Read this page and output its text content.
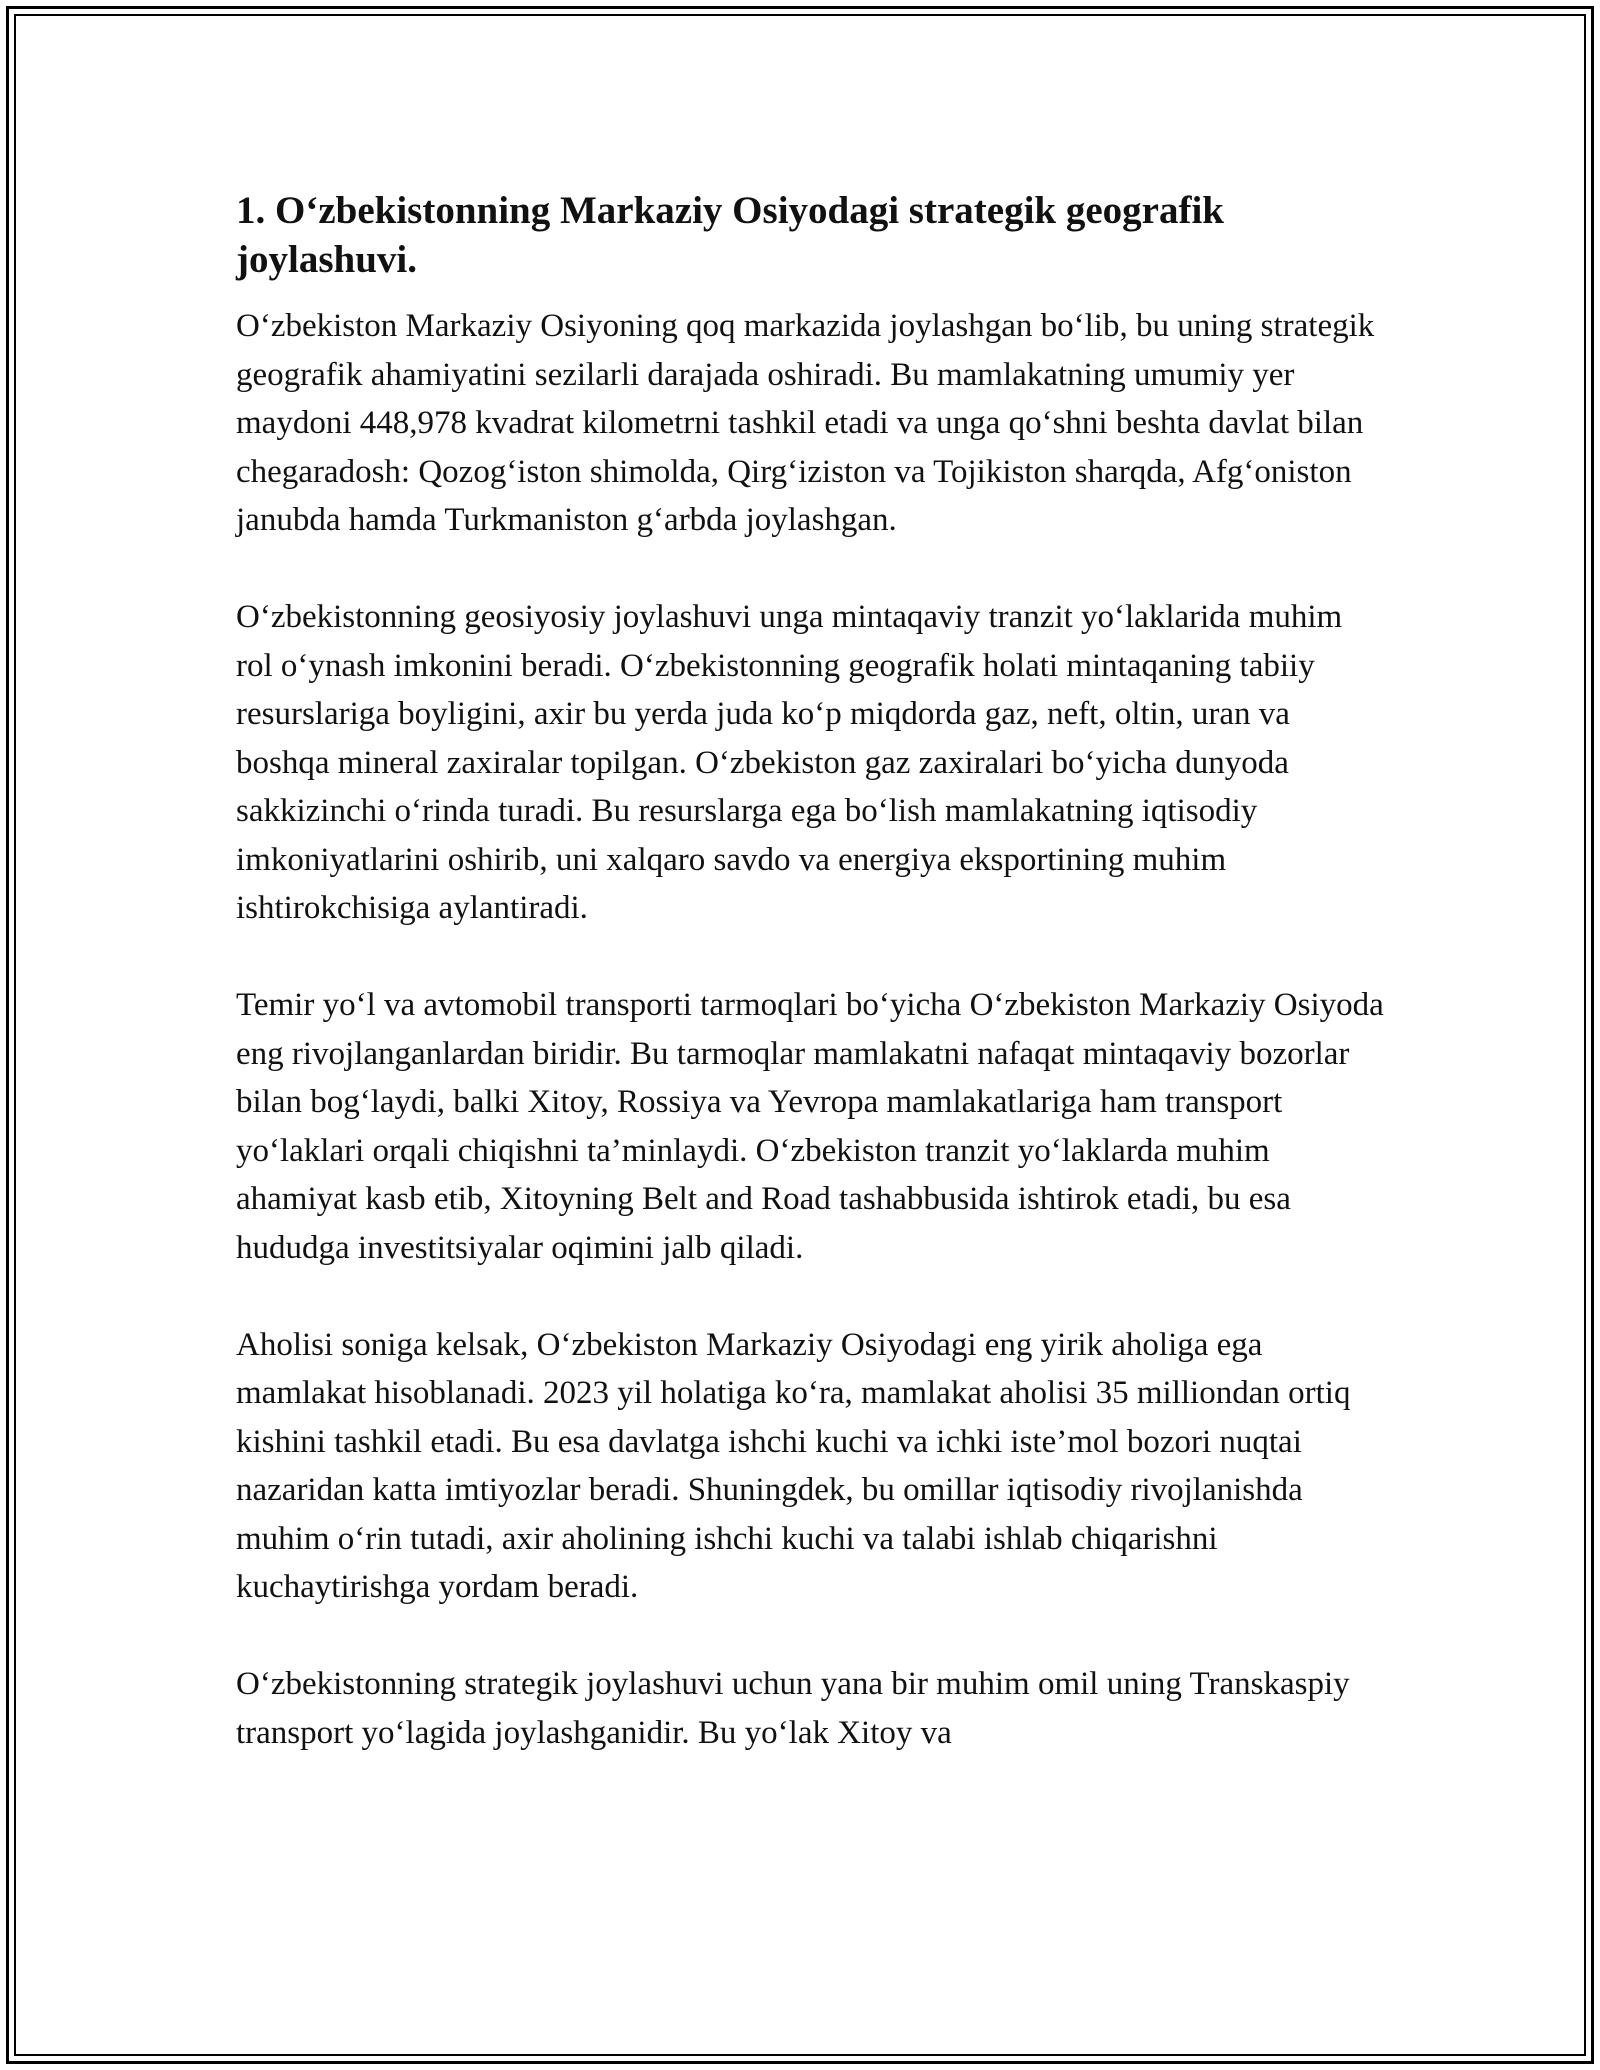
1. O‘zbekistonning Markaziy Osiyodagi strategik geografik joylashuvi.

O‘zbekiston Markaziy Osiyoning qoq markazida joylashgan bo‘lib, bu uning strategik geografik ahamiyatini sezilarli darajada oshiradi. Bu mamlakatning umumiy yer maydoni 448,978 kvadrat kilometrni tashkil etadi va unga qo‘shni beshta davlat bilan chegaradosh: Qozog‘iston shimolda, Qirg‘iziston va Tojikiston sharqda, Afg‘oniston janubda hamda Turkmaniston g‘arbda joylashgan.

O‘zbekistonning geosiyosiy joylashuvi unga mintaqaviy tranzit yo‘laklarida muhim rol o‘ynash imkonini beradi. O‘zbekistonning geografik holati mintaqaning tabiiy resurslariga boyligini, axir bu yerda juda ko‘p miqdorda gaz, neft, oltin, uran va boshqa mineral zaxiralar topilgan. O‘zbekiston gaz zaxiralari bo‘yicha dunyoda sakkizinchi o‘rinda turadi. Bu resurslarga ega bo‘lish mamlakatning iqtisodiy imkoniyatlarini oshirib, uni xalqaro savdo va energiya eksportining muhim ishtirokchisiga aylantiradi.

Temir yo‘l va avtomobil transporti tarmoqlari bo‘yicha O‘zbekiston Markaziy Osiyoda eng rivojlanganlardan biridir. Bu tarmoqlar mamlakatni nafaqat mintaqaviy bozorlar bilan bog‘laydi, balki Xitoy, Rossiya va Yevropa mamlakatlariga ham transport yo‘laklari orqali chiqishni ta’minlaydi. O‘zbekiston tranzit yo‘laklarda muhim ahamiyat kasb etib, Xitoyning Belt and Road tashabbusida ishtirok etadi, bu esa hududga investitsiyalar oqimini jalb qiladi.

Aholisi soniga kelsak, O‘zbekiston Markaziy Osiyodagi eng yirik aholiga ega mamlakat hisoblanadi. 2023 yil holatiga ko‘ra, mamlakat aholisi 35 milliondan ortiq kishini tashkil etadi. Bu esa davlatga ishchi kuchi va ichki iste’mol bozori nuqtai nazaridan katta imtiyozlar beradi. Shuningdek, bu omillar iqtisodiy rivojlanishda muhim o‘rin tutadi, axir aholining ishchi kuchi va talabi ishlab chiqarishni kuchaytirishga yordam beradi.

O‘zbekistonning strategik joylashuvi uchun yana bir muhim omil uning Transkaspiy transport yo‘lagida joylashganidir. Bu yo‘lak Xitoy va
